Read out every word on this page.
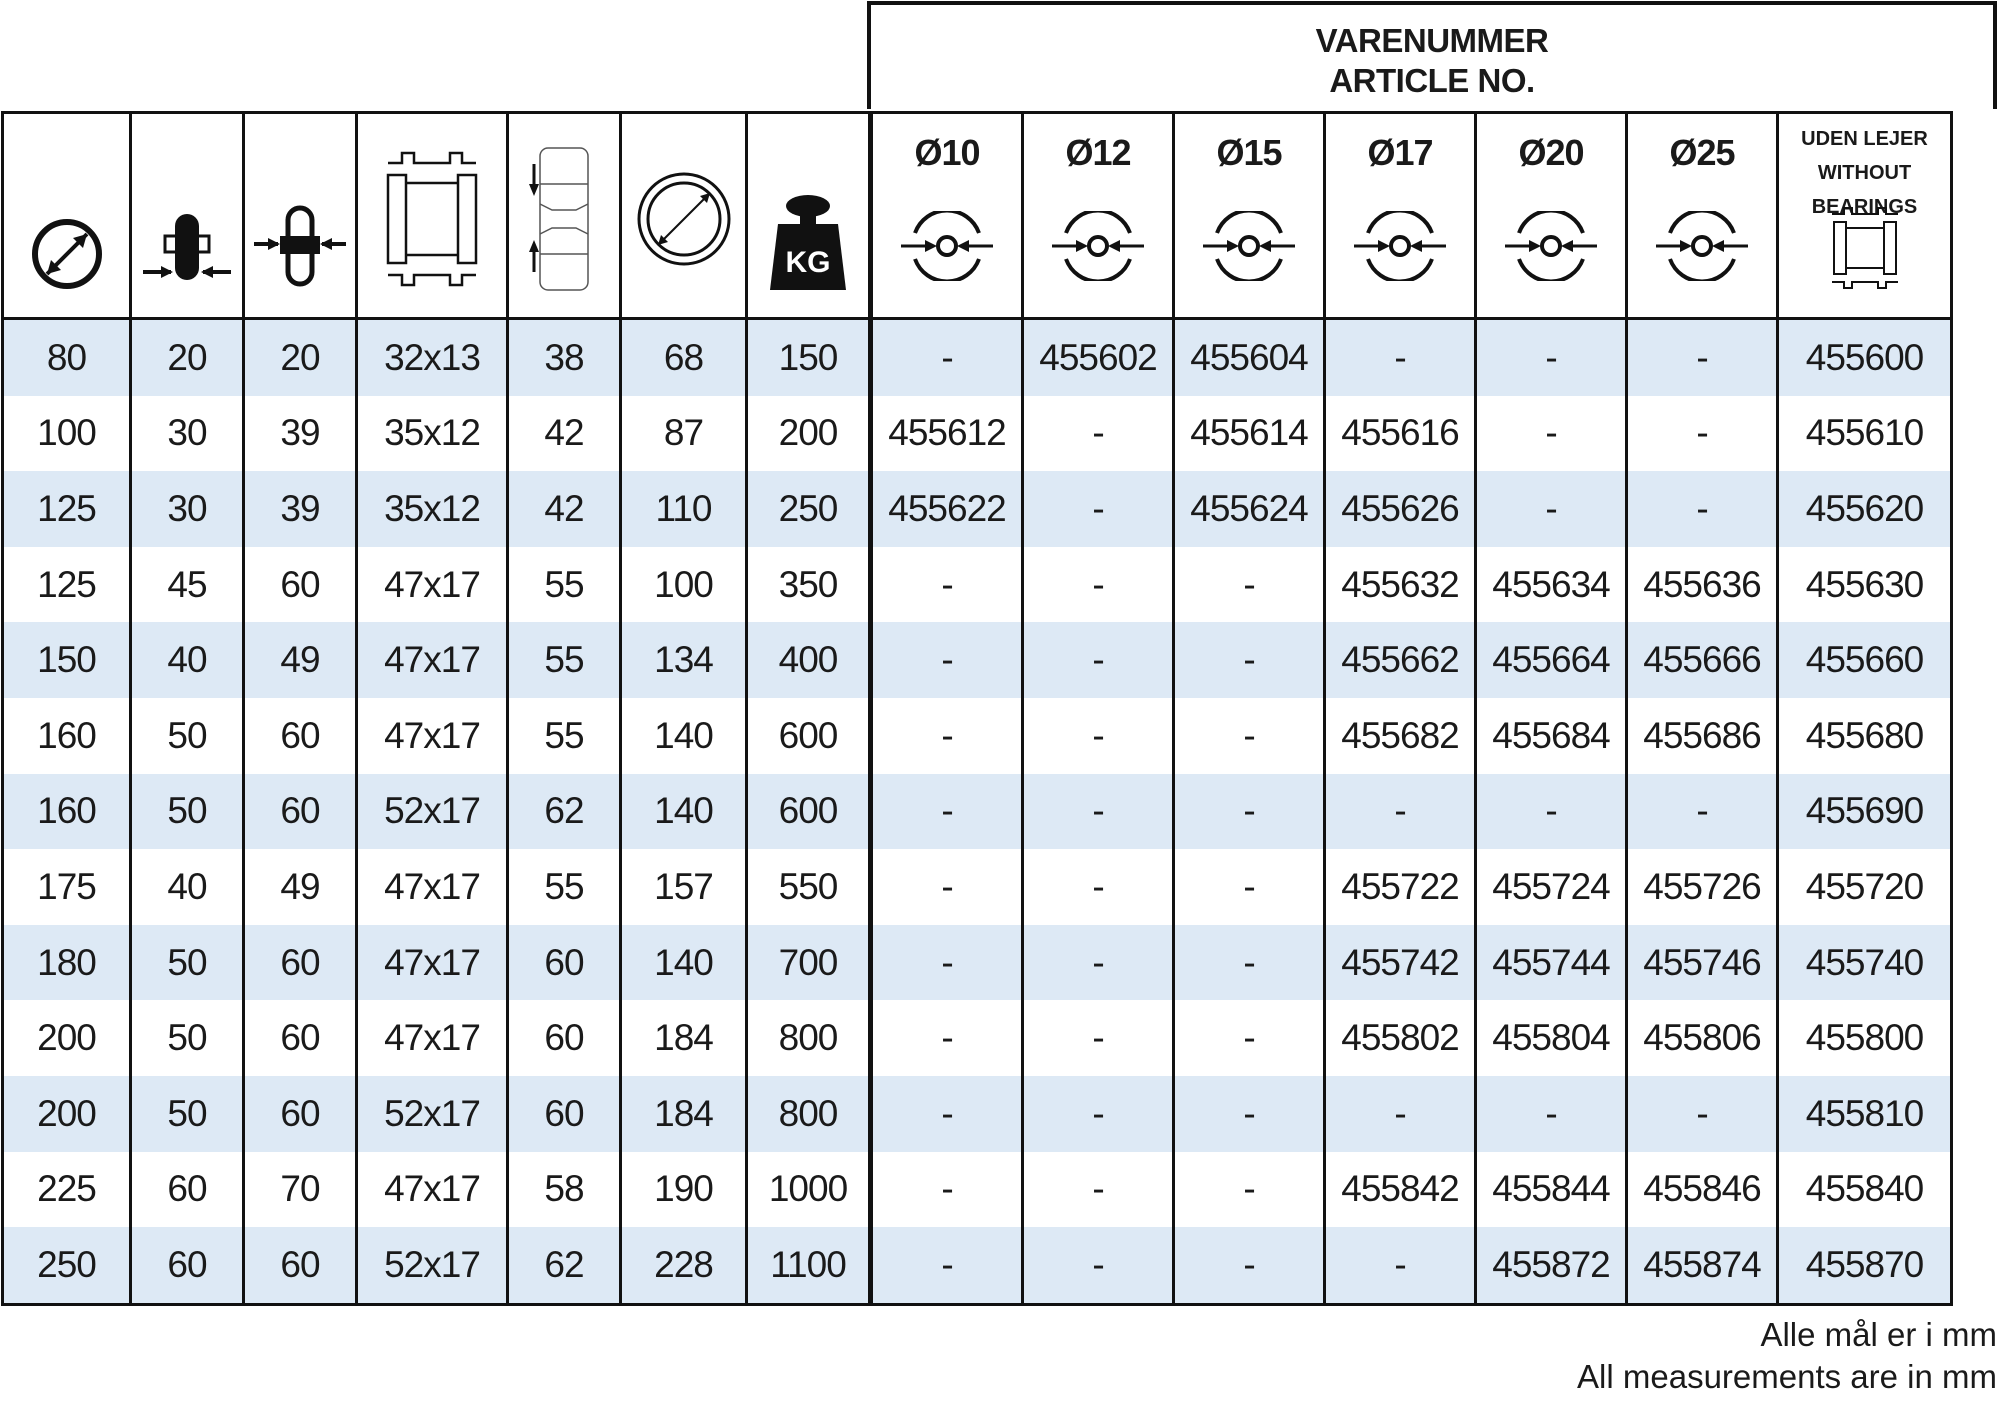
VARENUMMER
ARTICLE NO.

KG	Ø10	Ø12	Ø15	Ø17	Ø20	Ø25	UDEN LEJER
WITHOUT BEARINGS

80	20	20	32x13	38	68	150	-	455602	455604	-	-	-	455600
100	30	39	35x12	42	87	200	455612	-	455614	455616	-	-	455610
125	30	39	35x12	42	110	250	455622	-	455624	455626	-	-	455620
125	45	60	47x17	55	100	350	-	-	-	455632	455634	455636	455630
150	40	49	47x17	55	134	400	-	-	-	455662	455664	455666	455660
160	50	60	47x17	55	140	600	-	-	-	455682	455684	455686	455680
160	50	60	52x17	62	140	600	-	-	-	-	-	-	455690
175	40	49	47x17	55	157	550	-	-	-	455722	455724	455726	455720
180	50	60	47x17	60	140	700	-	-	-	455742	455744	455746	455740
200	50	60	47x17	60	184	800	-	-	-	455802	455804	455806	455800
200	50	60	52x17	60	184	800	-	-	-	-	-	-	455810
225	60	70	47x17	58	190	1000	-	-	-	455842	455844	455846	455840
250	60	60	52x17	62	228	1100	-	-	-	-	455872	455874	455870
Alle mål er i mm
All measurements are in mm
